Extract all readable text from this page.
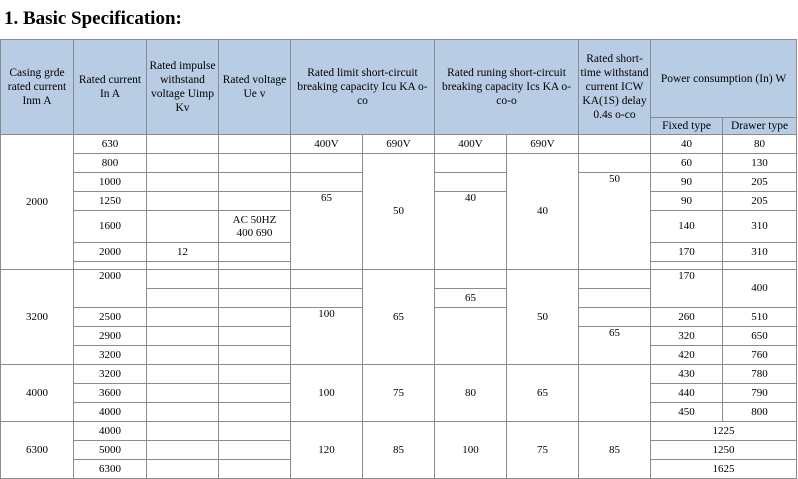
1. Basic Specification:
Casing grde rated current Inm A	Rated current In A	Rated impulse withstand voltage Uimp Kv	Rated voltage Ue v	Rated limit short-circuit breaking capacity Icu KA o-co		Rated runing short-circuit breaking capacity Ics KA o-co-o		Rated short-time withstand current ICW KA(1S) delay 0.4s o-co	Power consumption (In) W	
									Fixed type	Drawer type
2000	630			400V	690V	400V	690V		40	80
	800				50		40		60	130
	1000							50	90	205
	1250			65		40			90	205
	1600		AC 50HZ
400 690						140	310
	2000	12							170	310

3200	2000				65		50		170	400
						65				
	2500			100					260	510
	2900							65	320	650
	3200								420	760
4000	3200			100	75	80	65		430	780
	3600								440	790
	4000								450	800
6300	4000			120	85	100	75	85	1225	
	5000								1250	
	6300								1625	
